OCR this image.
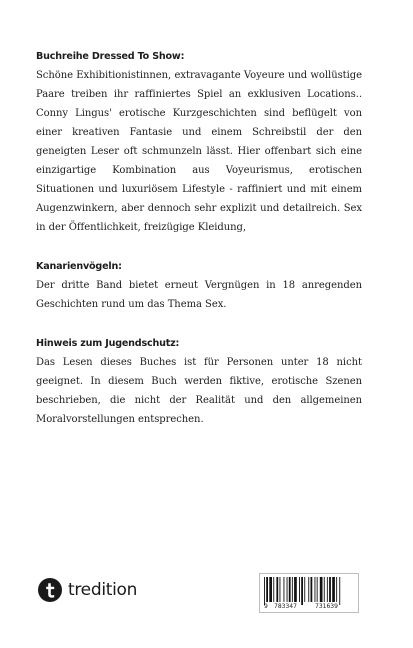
Buchreihe Dressed To Show:

Schöne Exhibitionistinnen, extravagante Voyeure und wollüstige Paare treiben ihr raffiniertes Spiel an exklusiven Locations.. Conny Lingus' erotische Kurzgeschichten sind beflügelt von einer kreativen Fantasie und einem Schreibstil der den geneigten Leser oft schmunzeln lässt. Hier offenbart sich eine einzigartige Kombination aus Voyeurismus, erotischen Situationen und luxuriösem Lifestyle - raffiniert und mit einem Augenzwinkern, aber dennoch sehr explizit und detailreich. Sex in der Öffentlichkeit, freizügige Kleidung,

Kanarienvögeln:

Der dritte Band bietet erneut Vergnügen in 18 anregenden Geschichten rund um das Thema Sex.

Hinweis zum Jugendschutz:

Das Lesen dieses Buches ist für Personen unter 18 nicht geeignet. In diesem Buch werden fiktive, erotische Szenen beschrieben, die nicht der Realität und den allgemeinen Moralvorstellungen entsprechen.

tredition
9 783347	731639
